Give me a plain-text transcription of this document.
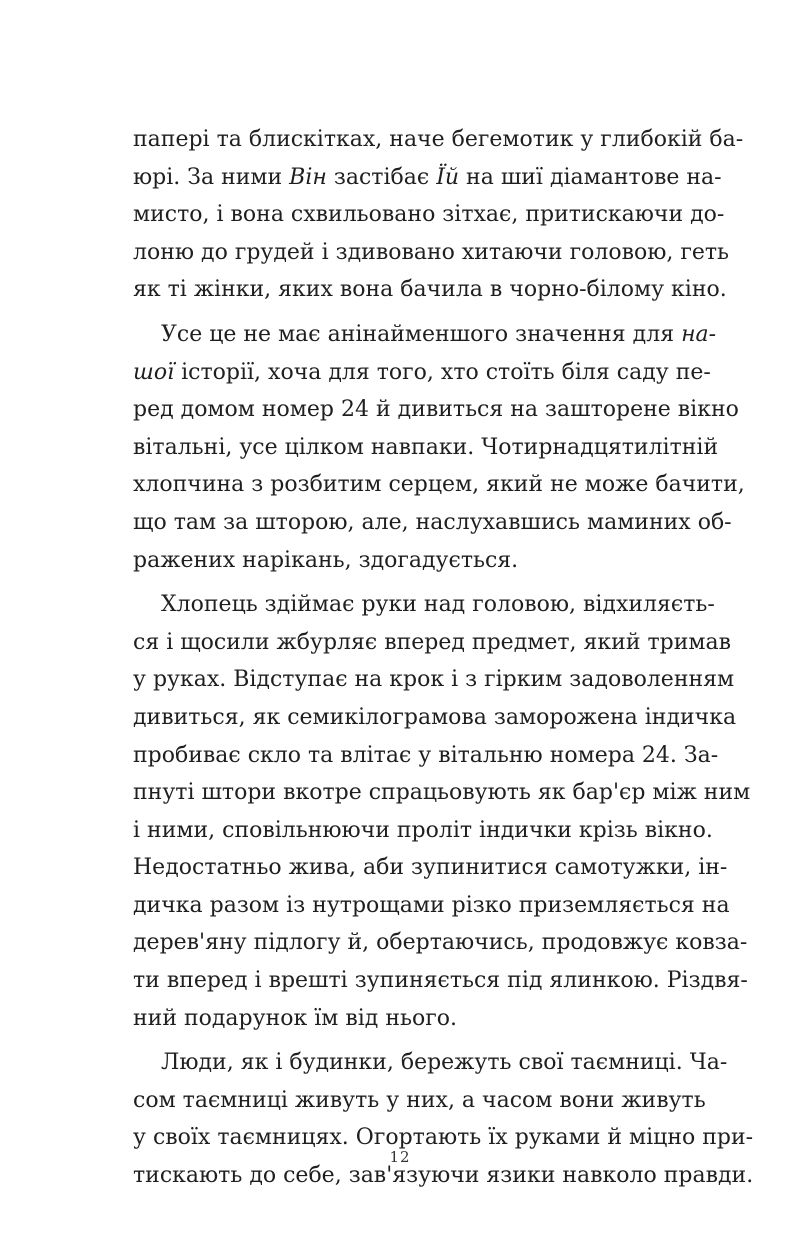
папері та блискітках, наче бегемотик у глибокій ба-
юрі. За ними Він застібає Їй на шиї діамантове на-
мисто, і вона схвильовано зітхає, притискаючи до-
лоню до грудей і здивовано хитаючи головою, геть
як ті жінки, яких вона бачила в чорно-білому кіно.
Усе це не має анінайменшого значення для на-
шої історії, хоча для того, хто стоїть біля саду пе-
ред домом номер 24 й дивиться на зашторене вікно
вітальні, усе цілком навпаки. Чотирнадцятилітній
хлопчина з розбитим серцем, який не може бачити,
що там за шторою, але, наслухавшись маминих об-
ражених нарікань, здогадується.
Хлопець здіймає руки над головою, відхиляєть-
ся і щосили жбурляє вперед предмет, який тримав
у руках. Відступає на крок і з гірким задоволенням
дивиться, як семикілограмова заморожена індичка
пробиває скло та влітає у вітальню номера 24. За-
пнуті штори вкотре спрацьовують як бар'єр між ним
і ними, сповільнюючи проліт індички крізь вікно.
Недостатньо жива, аби зупинитися самотужки, ін-
дичка разом із нутрощами різко приземляється на
дерев'яну підлогу й, обертаючись, продовжує ковза-
ти вперед і врешті зупиняється під ялинкою. Різдвя-
ний подарунок їм від нього.
Люди, як і будинки, бережуть свої таємниці. Ча-
сом таємниці живуть у них, а часом вони живуть
у своїх таємницях. Огортають їх руками й міцно при-
тискають до себе, зав'язуючи язики навколо правди.
12
